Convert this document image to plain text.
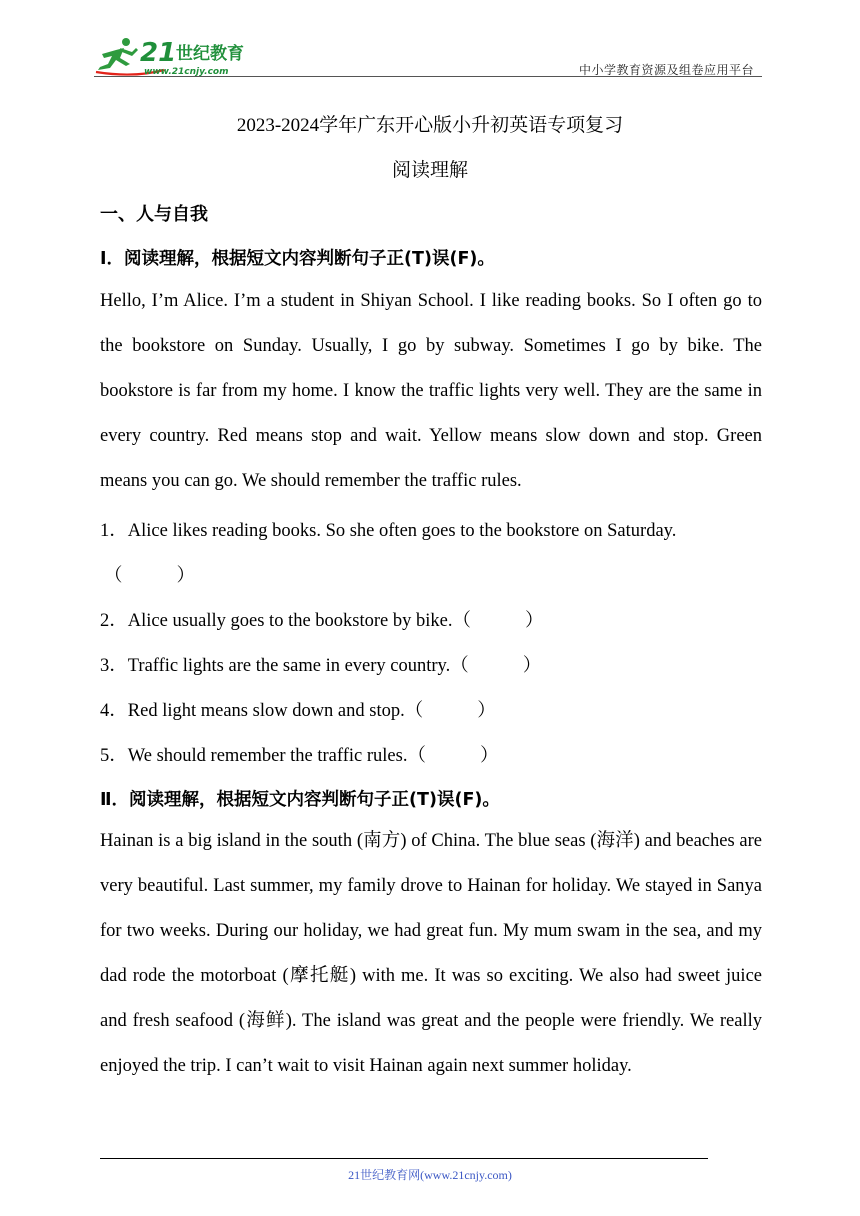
21 世纪教育
www.21cnjy.com	中小学教育资源及组卷应用平台
2023-2024学年广东开心版小升初英语专项复习
阅读理解
一、人与自我
Ⅰ．阅读理解，根据短文内容判断句子正(T)误(F)。

Hello, I’m Alice. I’m a student in Shiyan School. I like reading books. So I often go to the bookstore on Sunday. Usually, I go by subway. Sometimes I go by bike. The bookstore is far from my home. I know the traffic lights very well. They are the same in every country. Red means stop and wait. Yellow means slow down and stop. Green means you can go. We should remember the traffic rules.

1．Alice likes reading books. So she often goes to the bookstore on Saturday.
（	）
2．Alice usually goes to the bookstore by bike.（	）
3．Traffic lights are the same in every country.（	）
4．Red light means slow down and stop.（	）
5．We should remember the traffic rules.（	）
Ⅱ．阅读理解，根据短文内容判断句子正(T)误(F)。

Hainan is a big island in the south (南方) of China. The blue seas (海洋) and beaches are very beautiful. Last summer, my family drove to Hainan for holiday. We stayed in Sanya for two weeks. During our holiday, we had great fun. My mum swam in the sea, and my dad rode the motorboat (摩托艇) with me. It was so exciting. We also had sweet juice and fresh seafood (海鲜). The island was great and the people were friendly. We really enjoyed the trip. I can’t wait to visit Hainan again next summer holiday.

21世纪教育网(www.21cnjy.com)
